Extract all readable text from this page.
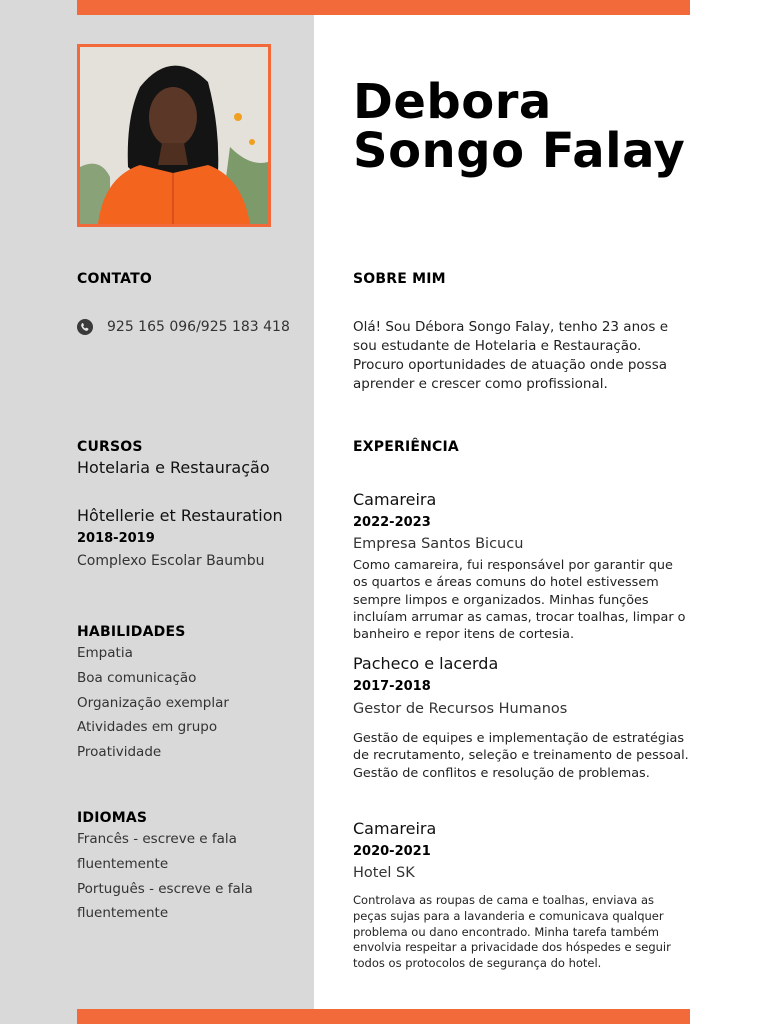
Debora
Songo Falay
CONTATO
925 165 096/925 183 418
SOBRE MIM

Olá! Sou Débora Songo Falay, tenho 23 anos e sou estudante de Hotelaria e Restauração. Procuro oportunidades de atuação onde possa aprender e crescer como profissional.

CURSOS
Hotelaria e Restauração
Hôtellerie et Restauration
2018-2019
Complexo Escolar Baumbu
HABILIDADES
Empatia
Boa comunicação
Organização exemplar
Atividades em grupo
Proatividade
IDIOMAS
Francês - escreve e fala
fluentemente
Português - escreve e fala
fluentemente
EXPERIÊNCIA
Camareira
2022-2023
Empresa Santos Bicucu

Como camareira, fui responsável por garantir que os quartos e áreas comuns do hotel estivessem sempre limpos e organizados. Minhas funções incluíam arrumar as camas, trocar toalhas, limpar o banheiro e repor itens de cortesia.

Pacheco e lacerda
2017-2018
Gestor de Recursos Humanos

Gestão de equipes e implementação de estratégias de recrutamento, seleção e treinamento de pessoal. Gestão de conflitos e resolução de problemas.

Camareira
2020-2021
Hotel SK

Controlava as roupas de cama e toalhas, enviava as peças sujas para a lavanderia e comunicava qualquer problema ou dano encontrado. Minha tarefa também envolvia respeitar a privacidade dos hóspedes e seguir todos os protocolos de segurança do hotel.
